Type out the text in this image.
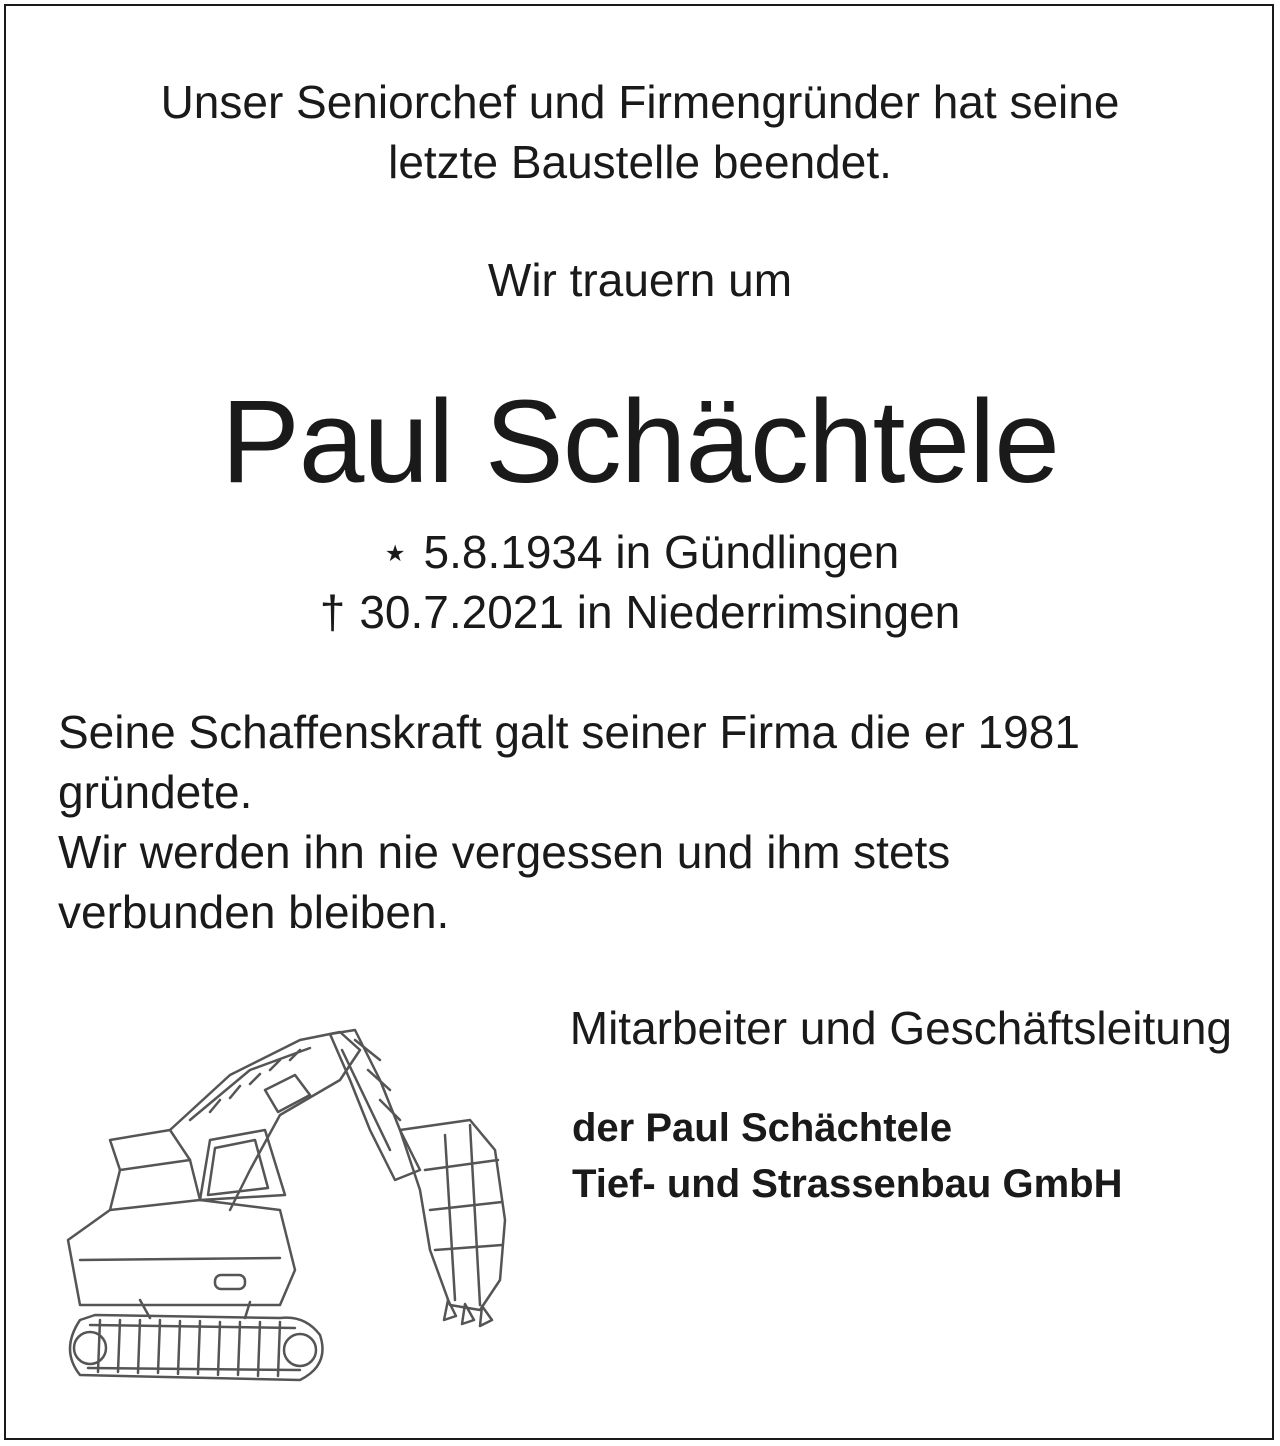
Unser Seniorchef und Firmengründer hat seine

letzte Baustelle beendet.

Wir trauern um

Paul Schächtele

⋆ 5.8.1934 in Gündlingen

† 30.7.2021 in Niederrimsingen

Seine Schaffenskraft galt seiner Firma die er 1981

gründete.

Wir werden ihn nie vergessen und ihm stets

verbunden bleiben.

Mitarbeiter und Geschäftsleitung
der Paul Schächtele
Tief- und Strassenbau GmbH
